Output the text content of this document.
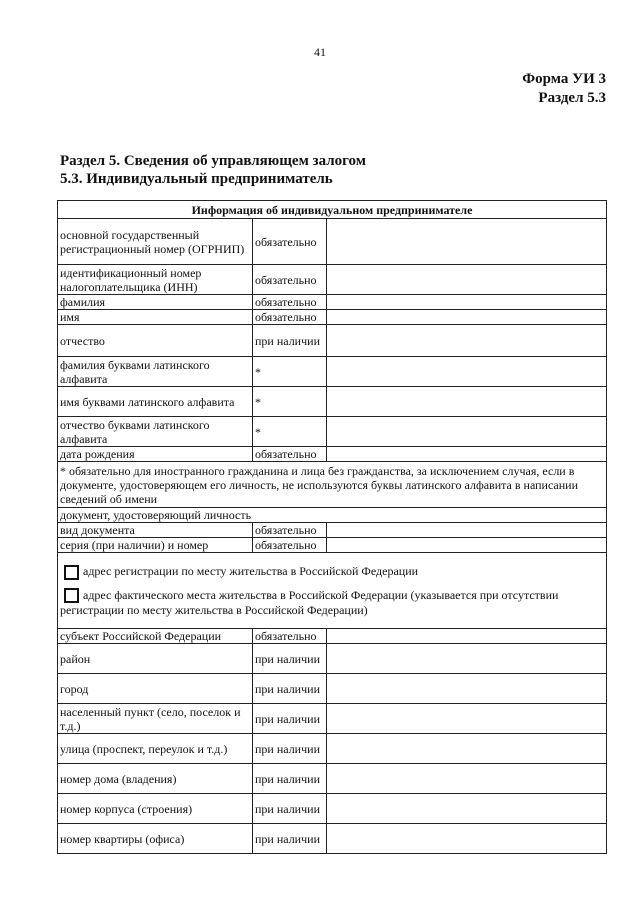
41
Форма УИ 3
Раздел 5.3
Раздел 5. Сведения об управляющем залогом
5.3. Индивидуальный предприниматель
Информация об индивидуальном предпринимателе		
основной государственный регистрационный номер (ОГРНИП)	обязательно	
идентификационный номер налогоплательщика (ИНН)	обязательно	
фамилия	обязательно	
имя	обязательно	
отчество	при наличии	
фамилия буквами латинского алфавита	*	
имя буквами латинского алфавита	*	
отчество буквами латинского алфавита	*	
дата рождения	обязательно	
* обязательно для иностранного гражданина и лица без гражданства, за исключением случая, если в документе, удостоверяющем его личность, не используются буквы латинского алфавита в написании сведений об имени		
документ, удостоверяющий личность		
вид документа	обязательно	
серия (при наличии) и номер	обязательно	

адрес регистрации по месту жительства в Российской Федерации
адрес фактического места жительства в Российской Федерации (указывается при отсутствии регистрации по месту жительства в Российской Федерации)		

субъект Российской Федерации	обязательно	
район	при наличии	
город	при наличии	
населенный пункт (село, поселок и т.д.)	при наличии	
улица (проспект, переулок и т.д.)	при наличии	
номер дома (владения)	при наличии	
номер корпуса (строения)	при наличии	
номер квартиры (офиса)	при наличии	
